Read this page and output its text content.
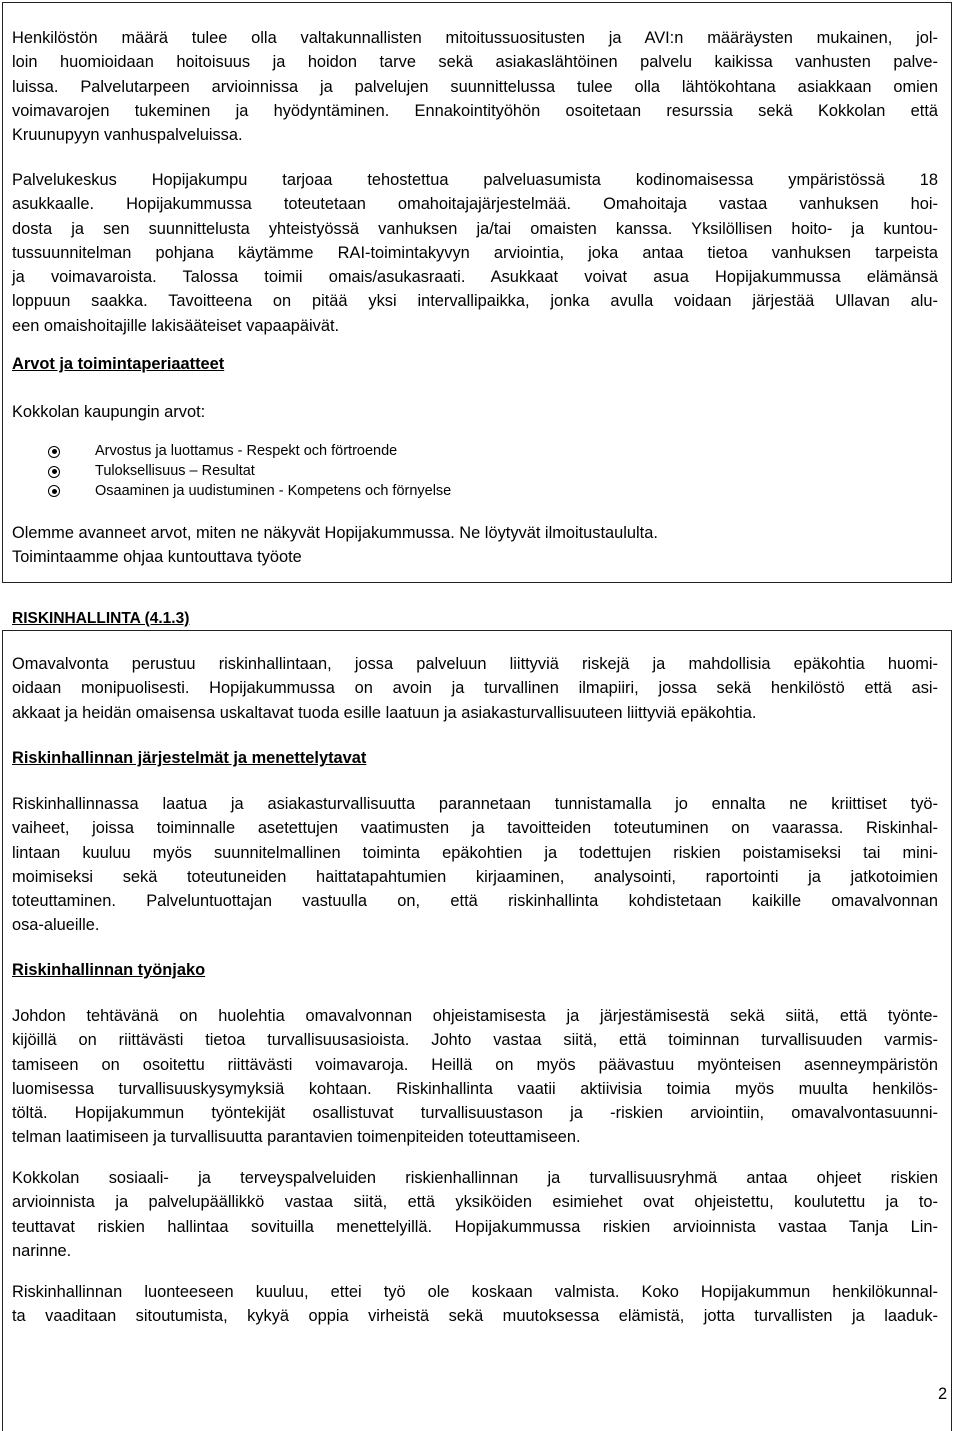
Henkilöstön määrä tulee olla valtakunnallisten mitoitussuositusten ja AVI:n määräysten mukainen, jol-
loin huomioidaan hoitoisuus ja hoidon tarve sekä asiakaslähtöinen palvelu kaikissa vanhusten palve-
luissa. Palvelutarpeen arvioinnissa ja palvelujen suunnittelussa tulee olla lähtökohtana asiakkaan omien
voimavarojen tukeminen ja hyödyntäminen. Ennakointityöhön osoitetaan resurssia sekä Kokkolan että
Kruunupyyn vanhuspalveluissa.
Palvelukeskus Hopijakumpu tarjoaa tehostettua palveluasumista kodinomaisessa ympäristössä 18
asukkaalle. Hopijakummussa toteutetaan omahoitajajärjestelmää. Omahoitaja vastaa vanhuksen hoi-
dosta ja sen suunnittelusta yhteistyössä vanhuksen ja/tai omaisten kanssa. Yksilöllisen hoito- ja kuntou-
tussuunnitelman pohjana käytämme RAI-toimintakyvyn arviointia, joka antaa tietoa vanhuksen tarpeista
ja voimavaroista. Talossa toimii omais/asukasraati. Asukkaat voivat asua Hopijakummussa elämänsä
loppuun saakka. Tavoitteena on pitää yksi intervallipaikka, jonka avulla voidaan järjestää Ullavan alu-
een omaishoitajille lakisääteiset vapaapäivät.
Arvot ja toimintaperiaatteet
Kokkolan kaupungin arvot:
Arvostus ja luottamus - Respekt och förtroende
Tuloksellisuus – Resultat
Osaaminen ja uudistuminen - Kompetens och förnyelse
Olemme avanneet arvot, miten ne näkyvät Hopijakummussa. Ne löytyvät ilmoitustaululta.
Toimintaamme ohjaa kuntouttava työote
RISKINHALLINTA (4.1.3)
Omavalvonta perustuu riskinhallintaan, jossa palveluun liittyviä riskejä ja mahdollisia epäkohtia huomi-
oidaan monipuolisesti. Hopijakummussa on avoin ja turvallinen ilmapiiri, jossa sekä henkilöstö että asi-
akkaat ja heidän omaisensa uskaltavat tuoda esille laatuun ja asiakasturvallisuuteen liittyviä epäkohtia.
Riskinhallinnan järjestelmät ja menettelytavat
Riskinhallinnassa laatua ja asiakasturvallisuutta parannetaan tunnistamalla jo ennalta ne kriittiset työ-
vaiheet, joissa toiminnalle asetettujen vaatimusten ja tavoitteiden toteutuminen on vaarassa. Riskinhal-
lintaan kuuluu myös suunnitelmallinen toiminta epäkohtien ja todettujen riskien poistamiseksi tai mini-
moimiseksi sekä toteutuneiden haittatapahtumien kirjaaminen, analysointi, raportointi ja jatkotoimien
toteuttaminen. Palveluntuottajan vastuulla on, että riskinhallinta kohdistetaan kaikille omavalvonnan
osa-alueille.
Riskinhallinnan työnjako
Johdon tehtävänä on huolehtia omavalvonnan ohjeistamisesta ja järjestämisestä sekä siitä, että työnte-
kijöillä on riittävästi tietoa turvallisuusasioista. Johto vastaa siitä, että toiminnan turvallisuuden varmis-
tamiseen on osoitettu riittävästi voimavaroja. Heillä on myös päävastuu myönteisen asenneympäristön
luomisessa turvallisuuskysymyksiä kohtaan. Riskinhallinta vaatii aktiivisia toimia myös muulta henkilös-
töltä. Hopijakummun työntekijät osallistuvat turvallisuustason ja -riskien arviointiin, omavalvontasuunni-
telman laatimiseen ja turvallisuutta parantavien toimenpiteiden toteuttamiseen.
Kokkolan sosiaali- ja terveyspalveluiden riskienhallinnan ja turvallisuusryhmä antaa ohjeet riskien
arvioinnista ja palvelupäällikkö vastaa siitä, että yksiköiden esimiehet ovat ohjeistettu, koulutettu ja to-
teuttavat riskien hallintaa sovituilla menettelyillä. Hopijakummussa riskien arvioinnista vastaa Tanja Lin-
narinne.
Riskinhallinnan luonteeseen kuuluu, ettei työ ole koskaan valmista. Koko Hopijakummun henkilökunnal-
ta vaaditaan sitoutumista, kykyä oppia virheistä sekä muutoksessa elämistä, jotta turvallisten ja laaduk-
2
